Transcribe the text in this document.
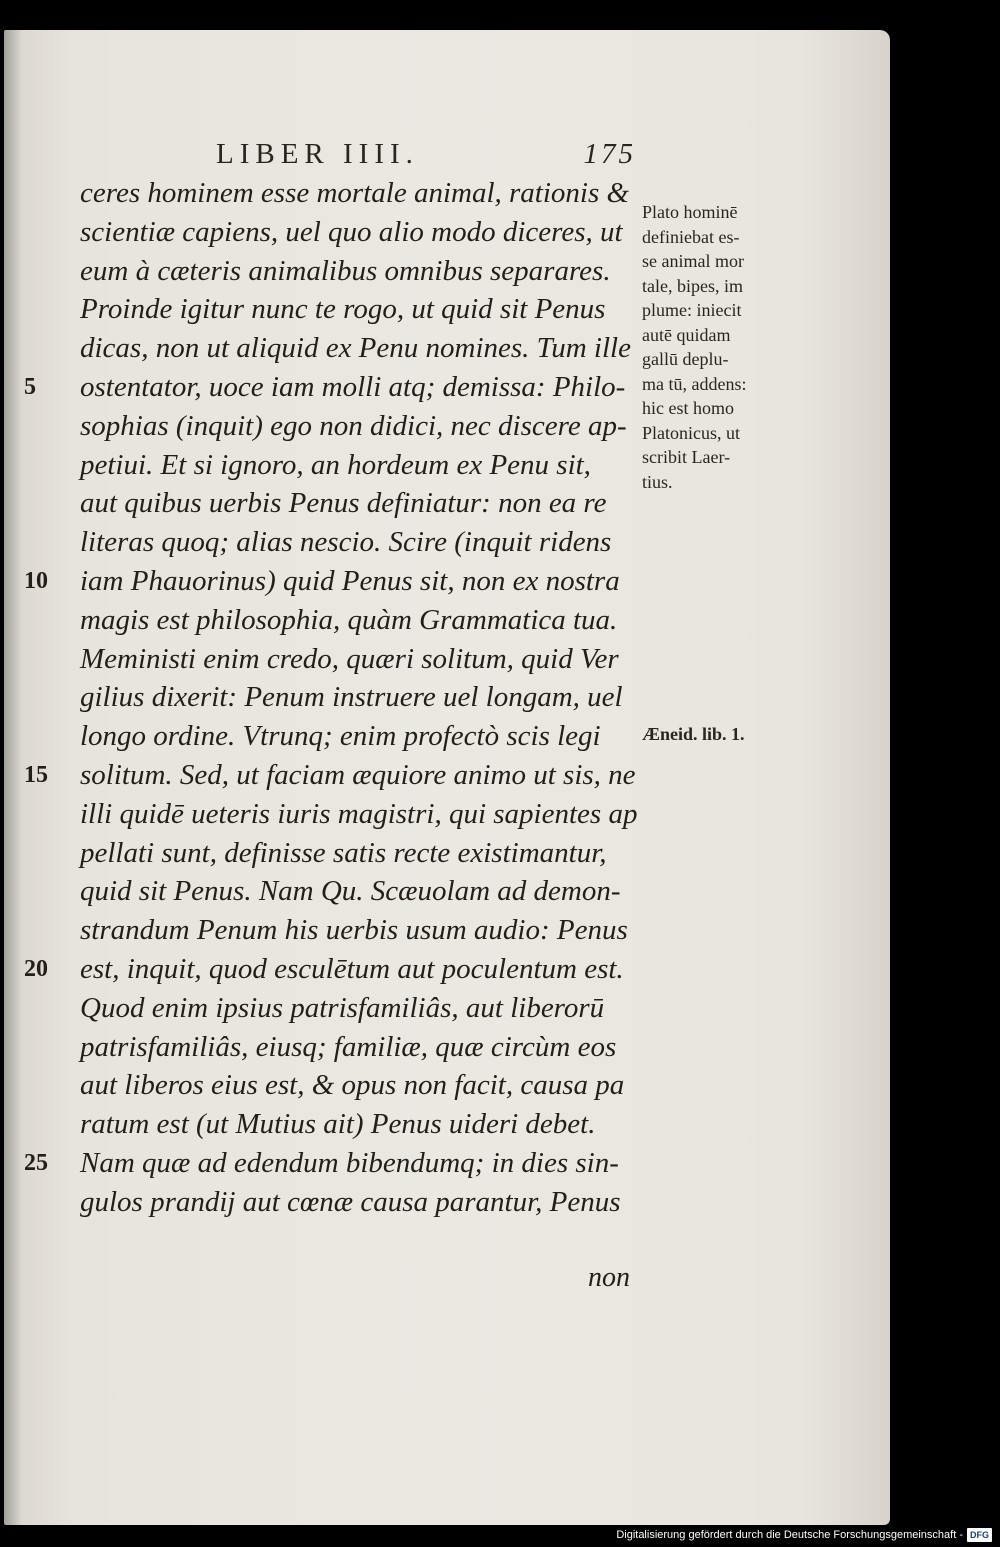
LIBER IIII.	175
5
10
15
20
25
ceres hominem esse mortale animal, rationis &
scientiæ capiens, uel quo alio modo diceres, ut
eum à cæteris animalibus omnibus separares.
Proinde igitur nunc te rogo, ut quid sit Penus
dicas, non ut aliquid ex Penu nomines. Tum ille
ostentator, uoce iam molli atq; demissa: Philo-
sophias (inquit) ego non didici, nec discere ap-
petiui. Et si ignoro, an hordeum ex Penu sit,
aut quibus uerbis Penus definiatur: non ea re
literas quoq; alias nescio. Scire (inquit ridens
iam Phauorinus) quid Penus sit, non ex nostra
magis est philosophia, quàm Grammatica tua.
Meministi enim credo, quæri solitum, quid Ver
gilius dixerit: Penum instruere uel longam, uel
longo ordine. Vtrunq; enim profectò scis legi
solitum. Sed, ut faciam æquiore animo ut sis, ne
illi quidē ueteris iuris magistri, qui sapientes ap
pellati sunt, definisse satis recte existimantur,
quid sit Penus. Nam Qu. Scæuolam ad demon-
strandum Penum his uerbis usum audio: Penus
est, inquit, quod esculētum aut poculentum est.
Quod enim ipsius patrisfamiliâs, aut liberorū
patrisfamiliâs, eiusq; familiæ, quæ circùm eos
aut liberos eius est, & opus non facit, causa pa
ratum est (ut Mutius ait) Penus uideri debet.
Nam quæ ad edendum bibendumq; in dies sin-
gulos prandij aut cœnæ causa parantur, Penus
non
Plato hominē
definiebat es-
se animal mor
tale, bipes, im
plume: iniecit
autē quidam
gallū deplu-
ma tū, addens:
hic est homo
Platonicus, ut
scribit Laer-
tius.
Æneid. lib. 1.
Digitalisierung gefördert durch die Deutsche Forschungsgemeinschaft - DFG
